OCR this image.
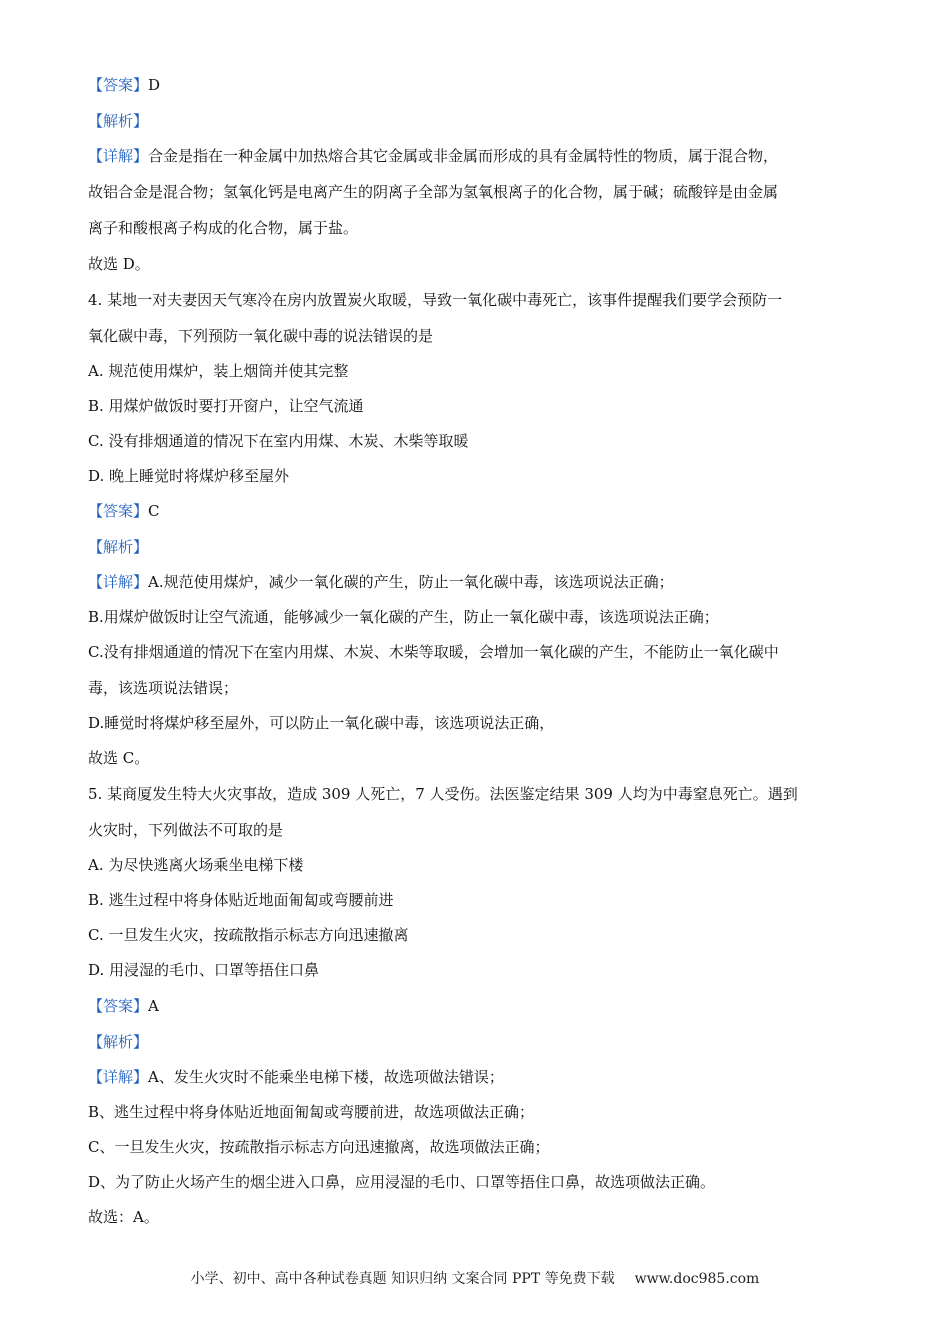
【答案】D
【解析】
【详解】合金是指在一种金属中加热熔合其它金属或非金属而形成的具有金属特性的物质，属于混合物，
故铝合金是混合物；氢氧化钙是电离产生的阴离子全部为氢氧根离子的化合物，属于碱；硫酸锌是由金属
离子和酸根离子构成的化合物，属于盐。
故选 D。
4. 某地一对夫妻因天气寒冷在房内放置炭火取暖，导致一氧化碳中毒死亡，该事件提醒我们要学会预防一
氧化碳中毒，下列预防一氧化碳中毒的说法错误的是
A. 规范使用煤炉，装上烟筒并使其完整
B. 用煤炉做饭时要打开窗户，让空气流通
C. 没有排烟通道的情况下在室内用煤、木炭、木柴等取暖
D. 晚上睡觉时将煤炉移至屋外
【答案】C
【解析】
【详解】A.规范使用煤炉，减少一氧化碳的产生，防止一氧化碳中毒，该选项说法正确；
B.用煤炉做饭时让空气流通，能够减少一氧化碳的产生，防止一氧化碳中毒，该选项说法正确；
C.没有排烟通道的情况下在室内用煤、木炭、木柴等取暖，会增加一氧化碳的产生，不能防止一氧化碳中
毒，该选项说法错误；
D.睡觉时将煤炉移至屋外，可以防止一氧化碳中毒，该选项说法正确，
故选 C。
5. 某商厦发生特大火灾事故，造成 309 人死亡，7 人受伤。法医鉴定结果 309 人均为中毒窒息死亡。遇到
火灾时，下列做法不可取的是
A. 为尽快逃离火场乘坐电梯下楼
B. 逃生过程中将身体贴近地面匍匐或弯腰前进
C. 一旦发生火灾，按疏散指示标志方向迅速撤离
D. 用浸湿的毛巾、口罩等捂住口鼻
【答案】A
【解析】
【详解】A、发生火灾时不能乘坐电梯下楼，故选项做法错误；
B、逃生过程中将身体贴近地面匍匐或弯腰前进，故选项做法正确；
C、一旦发生火灾，按疏散指示标志方向迅速撤离，故选项做法正确；
D、为了防止火场产生的烟尘进入口鼻，应用浸湿的毛巾、口罩等捂住口鼻，故选项做法正确。
故选：A。
小学、初中、高中各种试卷真题 知识归纳 文案合同 PPT 等免费下载 www.doc985.com
